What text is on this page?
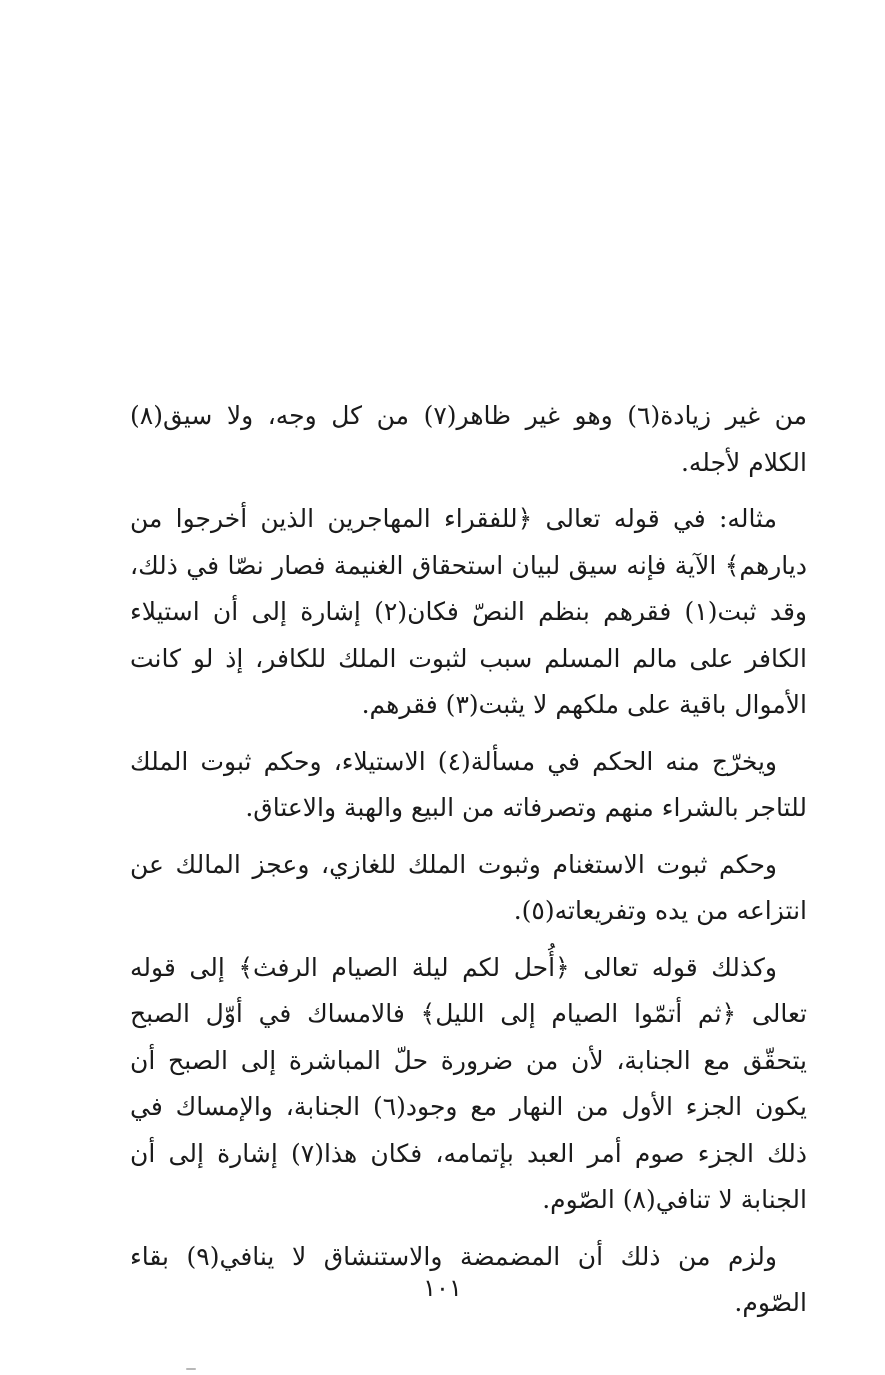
من غير زيادة(٦) وهو غير ظاهر(٧) من كل وجه، ولا سيق(٨) الكلام لأجله.

مثاله: في قوله تعالى ﴿للفقراء المهاجرين الذين أخرجوا من ديارهم﴾ الآية فإنه سيق لبيان استحقاق الغنيمة فصار نصّا في ذلك، وقد ثبت(١) فقرهم بنظم النصّ فكان(٢) إشارة إلى أن استيلاء الكافر على مالم المسلم سبب لثبوت الملك للكافر، إذ لو كانت الأموال باقية على ملكهم لا يثبت(٣) فقرهم.

ويخرّج منه الحكم في مسألة(٤) الاستيلاء، وحكم ثبوت الملك للتاجر بالشراء منهم وتصرفاته من البيع والهبة والاعتاق.

وحكم ثبوت الاستغنام وثبوت الملك للغازي، وعجز المالك عن انتزاعه من يده وتفريعاته(٥).

وكذلك قوله تعالى ﴿أُحل لكم ليلة الصيام الرفث﴾ إلى قوله تعالى ﴿ثم أتمّوا الصيام إلى الليل﴾ فالامساك في أوّل الصبح يتحقّق مع الجنابة، لأن من ضرورة حلّ المباشرة إلى الصبح أن يكون الجزء الأول من النهار مع وجود(٦) الجنابة، والإمساك في ذلك الجزء صوم أمر العبد بإتمامه، فكان هذا(٧) إشارة إلى أن الجنابة لا تنافي(٨) الصّوم.

ولزم من ذلك أن المضمضة والاستنشاق لا ينافي(٩) بقاء الصّوم.

١٠١
